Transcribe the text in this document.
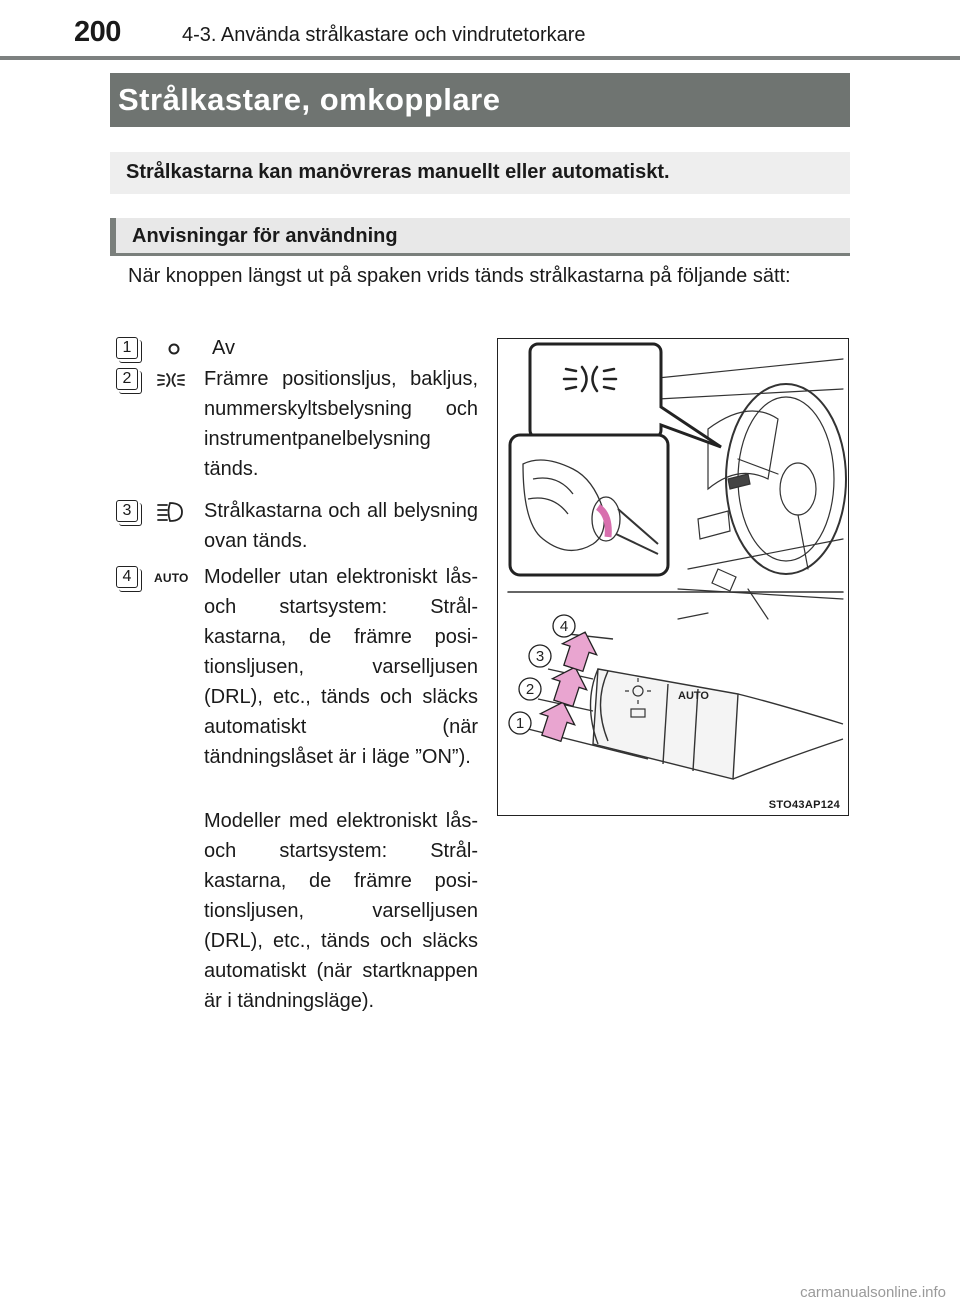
200	4-3. Använda strålkastare och vindrutetorkare
Strålkastare, omkopplare
Strålkastarna kan manövreras manuellt eller automatiskt.
Anvisningar för användning
När knoppen längst ut på spaken vrids tänds strålkastarna på följande sätt:
1	Av

2	Främre positionsljus, bakljus, nummerskyltsbelysning och instrumentpanelbelysning tänds.

3	Strålkastarna och all belysning ovan tänds.

4	AUTO Modeller utan elektroniskt lås- och startsystem: Strålkastarna, de främre positionsljusen, varselljusen (DRL), etc., tänds och släcks automatiskt (när tändningslåset är i läge ”ON”).

Modeller med elektroniskt lås- och startsystem: Strålkastarna, de främre positionsljusen, varselljusen (DRL), etc., tänds och släcks automatiskt (när startknappen är i tändningsläge).

AUTO
1
2
3
4
STO43AP124
carmanualsonline.info
